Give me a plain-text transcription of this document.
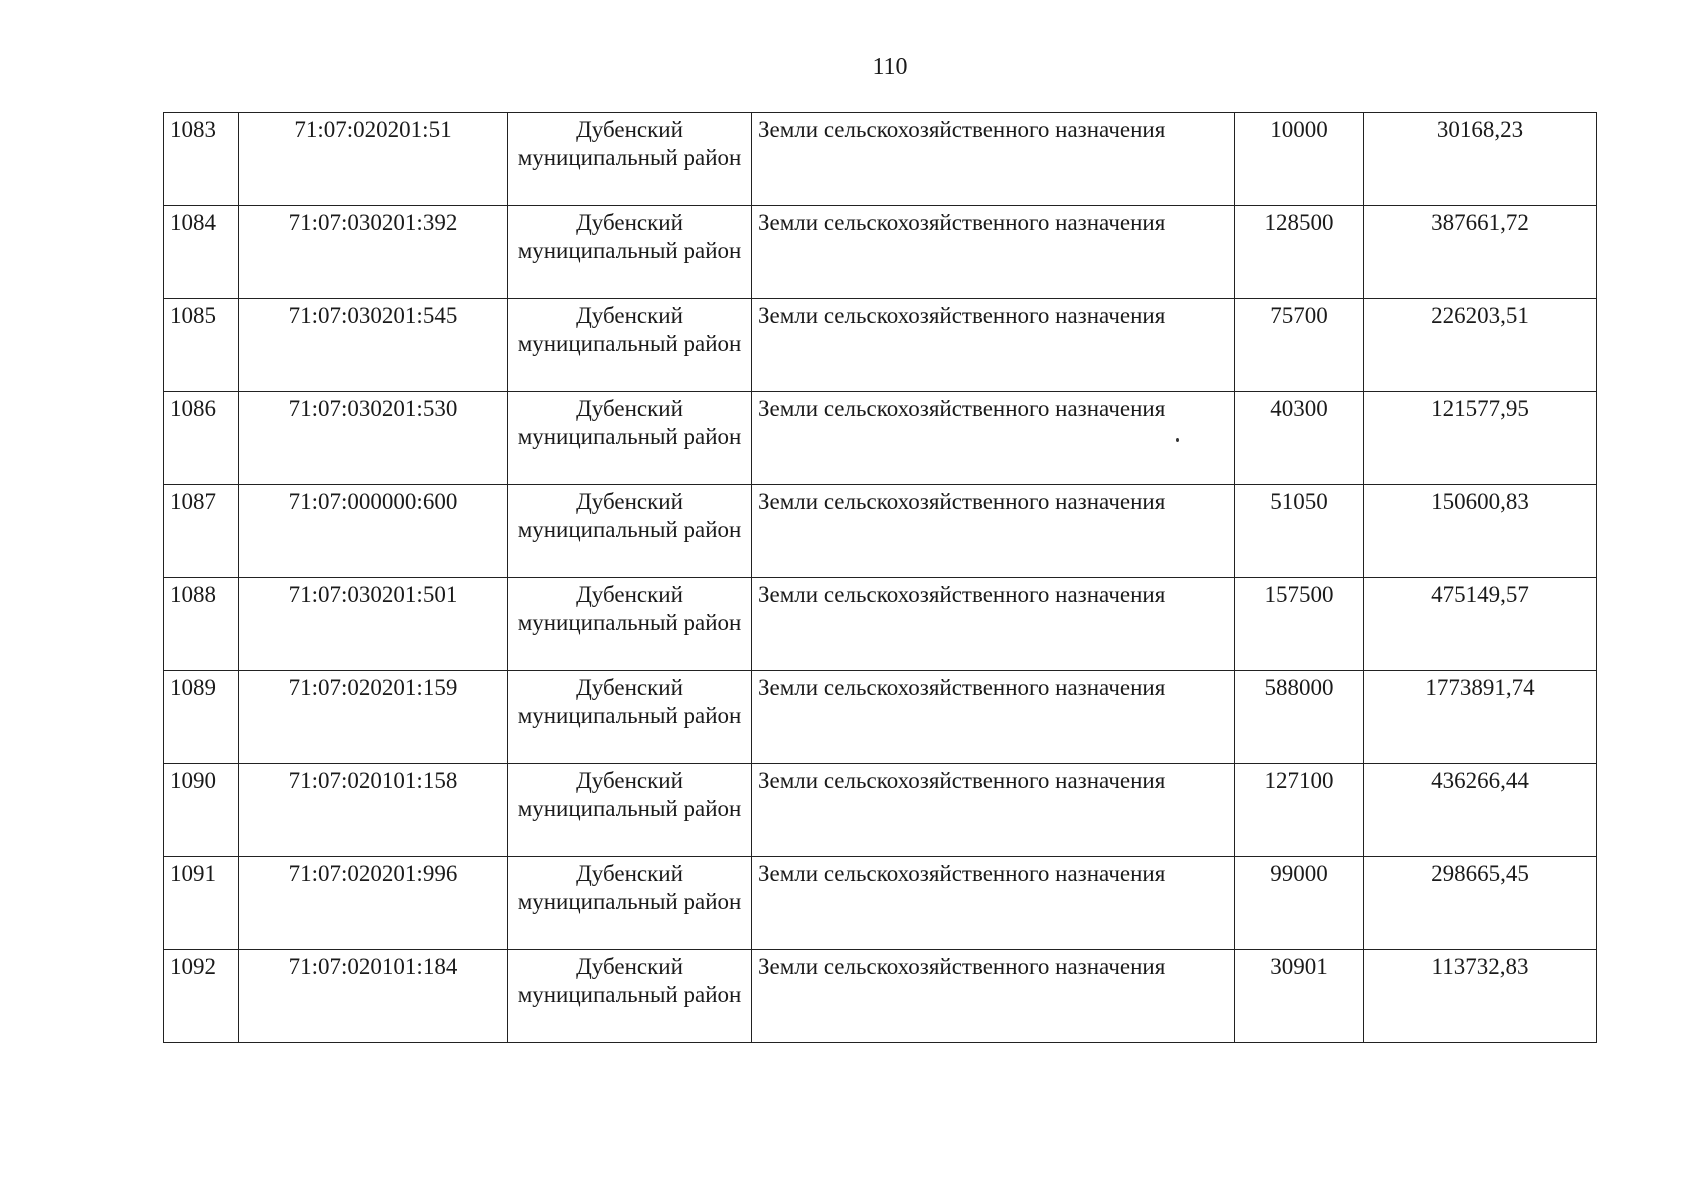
110
1083	71:07:020201:51	Дубенский муниципальный район	Земли сельскохозяйственного назначения	10000	30168,23
1084	71:07:030201:392	Дубенский муниципальный район	Земли сельскохозяйственного назначения	128500	387661,72
1085	71:07:030201:545	Дубенский муниципальный район	Земли сельскохозяйственного назначения	75700	226203,51
1086	71:07:030201:530	Дубенский муниципальный район	Земли сельскохозяйственного назначения	40300	121577,95
1087	71:07:000000:600	Дубенский муниципальный район	Земли сельскохозяйственного назначения	51050	150600,83
1088	71:07:030201:501	Дубенский муниципальный район	Земли сельскохозяйственного назначения	157500	475149,57
1089	71:07:020201:159	Дубенский муниципальный район	Земли сельскохозяйственного назначения	588000	1773891,74
1090	71:07:020101:158	Дубенский муниципальный район	Земли сельскохозяйственного назначения	127100	436266,44
1091	71:07:020201:996	Дубенский муниципальный район	Земли сельскохозяйственного назначения	99000	298665,45
1092	71:07:020101:184	Дубенский муниципальный район	Земли сельскохозяйственного назначения	30901	113732,83
